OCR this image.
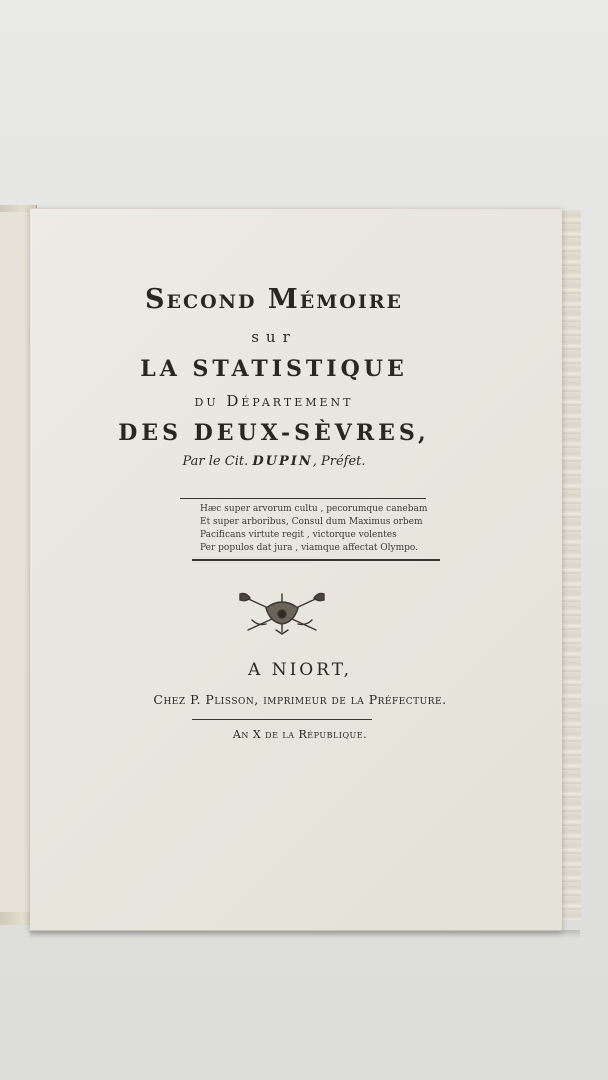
Second Mémoire
sur
LA STATISTIQUE
du Département
DES DEUX-SÈVRES,
Par le Cit. DUPIN, Préfet.
Hæc super arvorum cultu , pecorumque canebam
Et super arboribus, Consul dum Maximus orbem
Pacificans virtute regit , victorque volentes
Per populos dat jura , viamque affectat Olympo.
A NIORT,
Chez P. Plisson, imprimeur de la Préfecture.
An X de la République.
